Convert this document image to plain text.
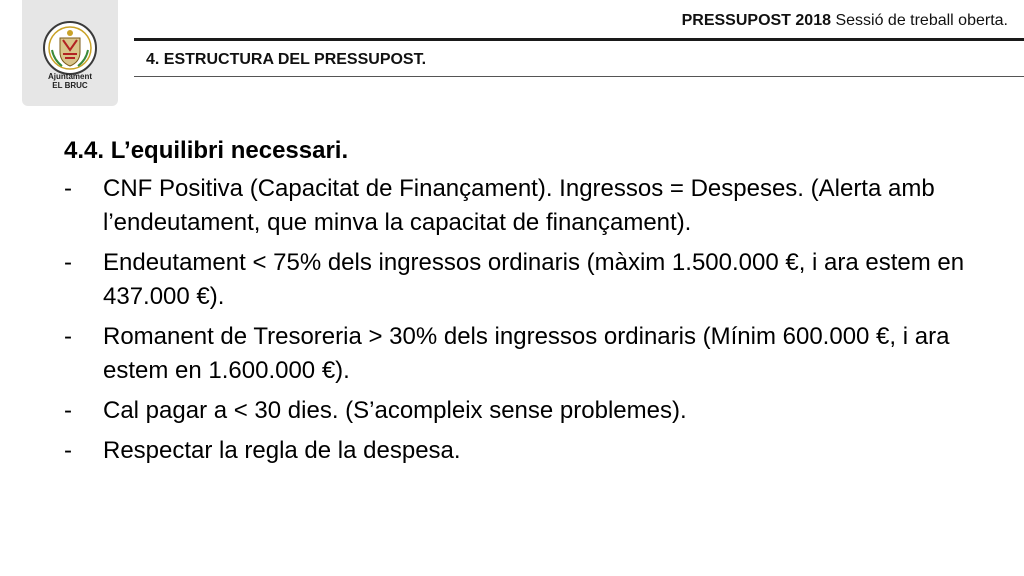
Ajuntament
EL BRUC
PRESSUPOST 2018 Sessió de treball oberta.
4. ESTRUCTURA DEL PRESSUPOST.
4.4. L’equilibri necessari.
- CNF Positiva (Capacitat de Finançament). Ingressos = Despeses. (Alerta amb l’endeutament, que minva la capacitat de finançament).
- Endeutament < 75% dels ingressos ordinaris (màxim 1.500.000 €, i ara estem en 437.000 €).
- Romanent de Tresoreria > 30% dels ingressos ordinaris (Mínim 600.000 €, i ara estem en 1.600.000 €).
- Cal pagar a < 30 dies. (S’acompleix sense problemes).
- Respectar la regla de la despesa.
